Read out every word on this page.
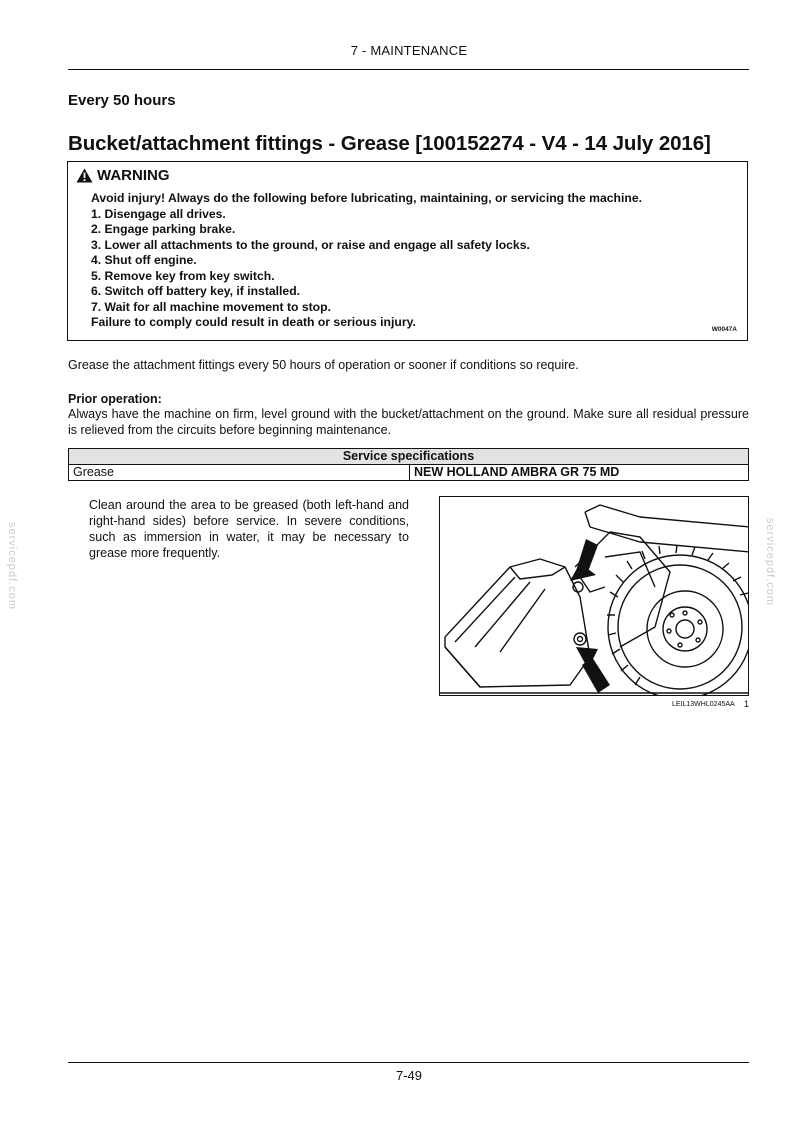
7 - MAINTENANCE
Every 50 hours
Bucket/attachment fittings - Grease [100152274 - V4 - 14 July 2016]
WARNING
Avoid injury! Always do the following before lubricating, maintaining, or servicing the machine.
1. Disengage all drives.
2. Engage parking brake.
3. Lower all attachments to the ground, or raise and engage all safety locks.
4. Shut off engine.
5. Remove key from key switch.
6. Switch off battery key, if installed.
7. Wait for all machine movement to stop.
Failure to comply could result in death or serious injury.
W0047A
Grease the attachment fittings every 50 hours of operation or sooner if conditions so require.
Prior operation:
Always have the machine on firm, level ground with the bucket/attachment on the ground. Make sure all residual pressure is relieved from the circuits before beginning maintenance.
Service specifications
Grease	NEW HOLLAND AMBRA GR 75 MD
Clean around the area to be greased (both left-hand and right-hand sides) before service. In severe conditions, such as immersion in water, it may be necessary to grease more frequently.
LEIL13WHL0245AA 1
servicepdf.com	servicepdf.com
7-49
